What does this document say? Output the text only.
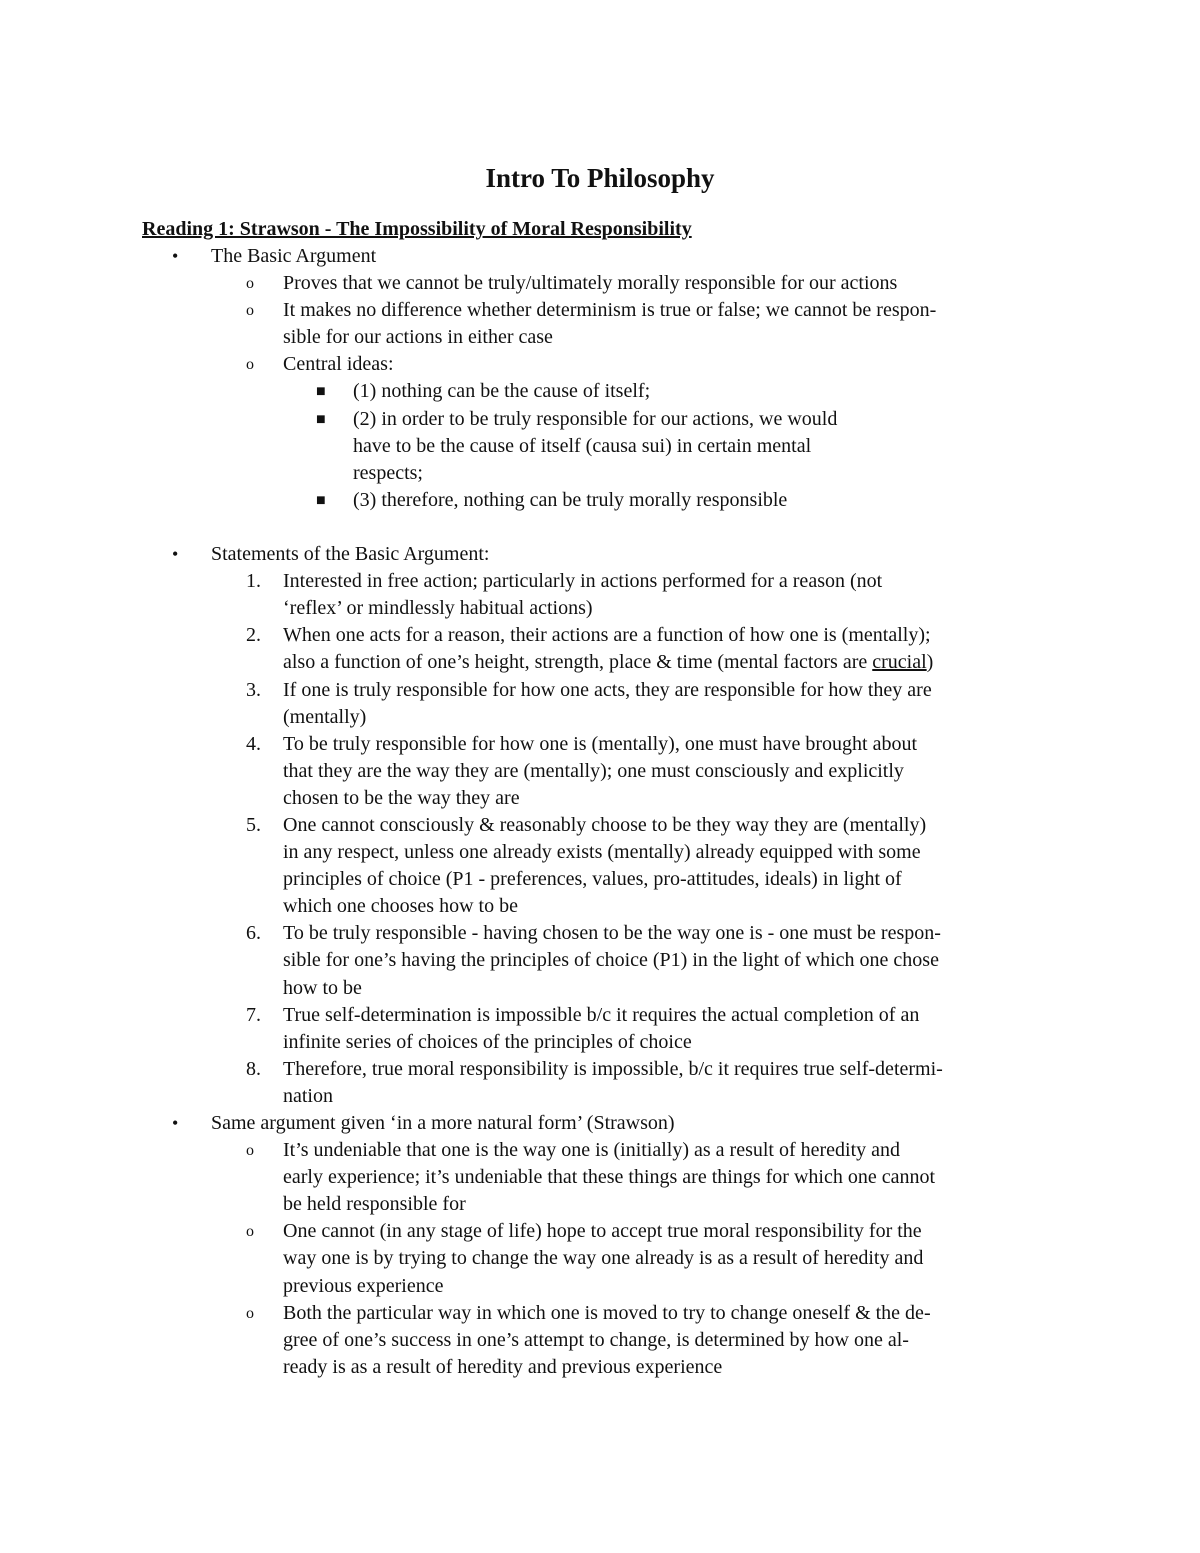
Intro To Philosophy
Reading 1: Strawson - The Impossibility of Moral Responsibility
•	The Basic Argument
o	Proves that we cannot be truly/ultimately morally responsible for our actions
o	It makes no difference whether determinism is true or false; we cannot be respon-
sible for our actions in either case
o	Central ideas:
■	(1) nothing can be the cause of itself;
■	(2) in order to be truly responsible for our actions, we would
have to be the cause of itself (causa sui) in certain mental
respects;
■	(3) therefore, nothing can be truly morally responsible
•	Statements of the Basic Argument:
1.	Interested in free action; particularly in actions performed for a reason (not
‘reflex’ or mindlessly habitual actions)
2.	When one acts for a reason, their actions are a function of how one is (mentally);
also a function of one’s height, strength, place & time (mental factors are crucial)
3.	If one is truly responsible for how one acts, they are responsible for how they are
(mentally)
4.	To be truly responsible for how one is (mentally), one must have brought about
that they are the way they are (mentally); one must consciously and explicitly
chosen to be the way they are
5.	One cannot consciously & reasonably choose to be they way they are (mentally)
in any respect, unless one already exists (mentally) already equipped with some
principles of choice (P1 - preferences, values, pro-attitudes, ideals) in light of
which one chooses how to be
6.	To be truly responsible - having chosen to be the way one is - one must be respon-
sible for one’s having the principles of choice (P1) in the light of which one chose
how to be
7.	True self-determination is impossible b/c it requires the actual completion of an
infinite series of choices of the principles of choice
8.	Therefore, true moral responsibility is impossible, b/c it requires true self-determi-
nation
•	Same argument given ‘in a more natural form’ (Strawson)
o	It’s undeniable that one is the way one is (initially) as a result of heredity and
early experience; it’s undeniable that these things are things for which one cannot
be held responsible for
o	One cannot (in any stage of life) hope to accept true moral responsibility for the
way one is by trying to change the way one already is as a result of heredity and
previous experience
o	Both the particular way in which one is moved to try to change oneself & the de-
gree of one’s success in one’s attempt to change, is determined by how one al-
ready is as a result of heredity and previous experience
